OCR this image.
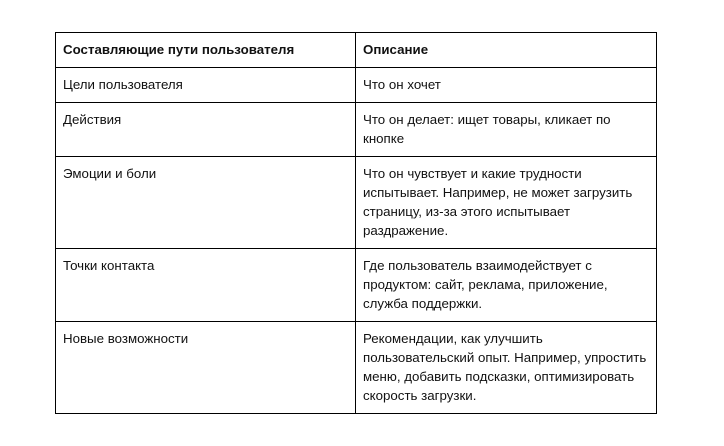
Составляющие пути пользователя	Описание
Цели пользователя	Что он хочет
Действия	Что он делает: ищет товары, кликает по кнопке
Эмоции и боли	Что он чувствует и какие трудности испытывает. Например, не может загрузить страницу, из-за этого испытывает раздражение.
Точки контакта	Где пользователь взаимодействует с продуктом: сайт, реклама, приложение, служба поддержки.
Новые возможности	Рекомендации, как улучшить пользовательский опыт. Например, упростить меню, добавить подсказки, оптимизировать скорость загрузки.
